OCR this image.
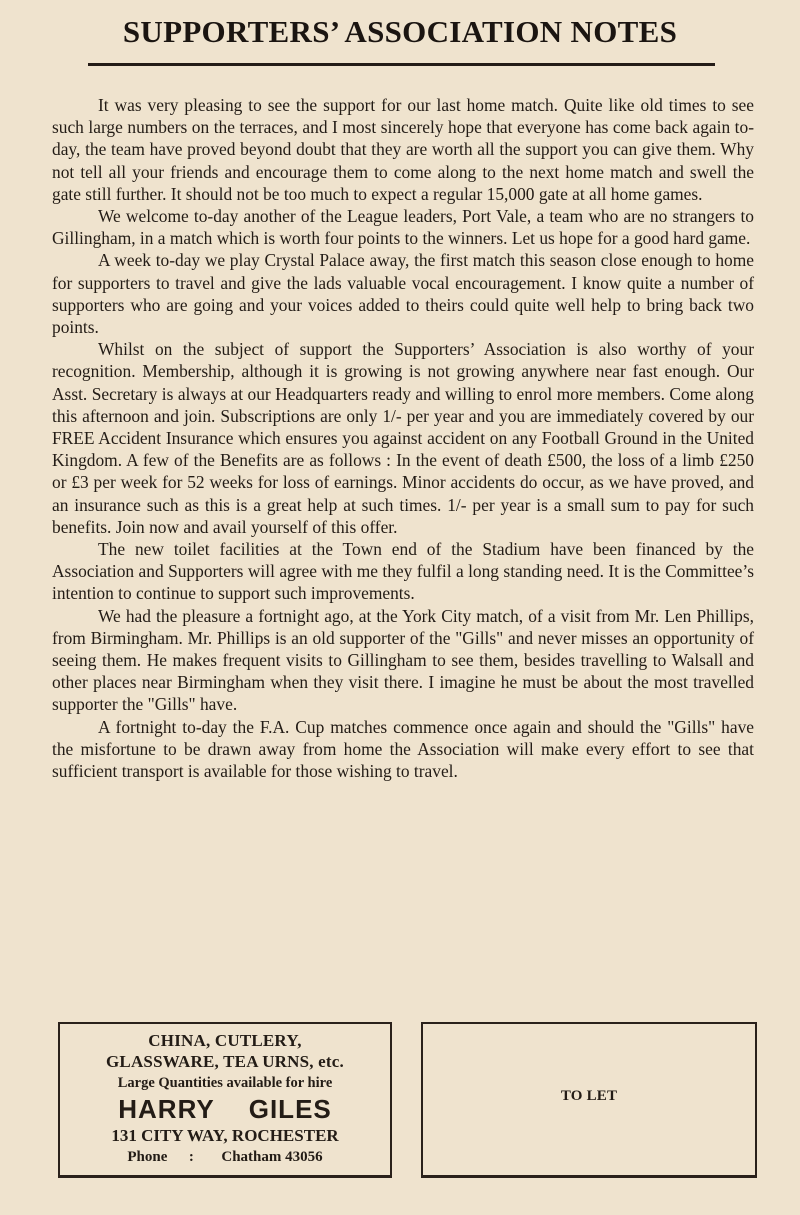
SUPPORTERS’ ASSOCIATION NOTES

It was very pleasing to see the support for our last home match. Quite like old times to see such large numbers on the terraces, and I most sincerely hope that everyone has come back again to-day, the team have proved beyond doubt that they are worth all the support you can give them. Why not tell all your friends and encourage them to come along to the next home match and swell the gate still further. It should not be too much to expect a regular 15,000 gate at all home games.

We welcome to-day another of the League leaders, Port Vale, a team who are no strangers to Gillingham, in a match which is worth four points to the winners. Let us hope for a good hard game.

A week to-day we play Crystal Palace away, the first match this season close enough to home for supporters to travel and give the lads valuable vocal encouragement. I know quite a number of supporters who are going and your voices added to theirs could quite well help to bring back two points.

Whilst on the subject of support the Supporters’ Association is also worthy of your recognition. Membership, although it is growing is not growing anywhere near fast enough. Our Asst. Secretary is always at our Headquarters ready and willing to enrol more members. Come along this afternoon and join. Subscriptions are only 1/- per year and you are immediately covered by our FREE Accident Insurance which ensures you against accident on any Football Ground in the United Kingdom. A few of the Benefits are as follows : In the event of death £500, the loss of a limb £250 or £3 per week for 52 weeks for loss of earnings. Minor accidents do occur, as we have proved, and an insurance such as this is a great help at such times. 1/- per year is a small sum to pay for such benefits. Join now and avail yourself of this offer.

The new toilet facilities at the Town end of the Stadium have been financed by the Association and Supporters will agree with me they fulfil a long standing need. It is the Committee’s intention to continue to support such improvements.

We had the pleasure a fortnight ago, at the York City match, of a visit from Mr. Len Phillips, from Birmingham. Mr. Phillips is an old supporter of the "Gills" and never misses an opportunity of seeing them. He makes frequent visits to Gillingham to see them, besides travelling to Walsall and other places near Birmingham when they visit there. I imagine he must be about the most travelled supporter the "Gills" have.

A fortnight to-day the F.A. Cup matches commence once again and should the "Gills" have the misfortune to be drawn away from home the Association will make every effort to see that sufficient transport is available for those wishing to travel.

CHINA, CUTLERY,
GLASSWARE, TEA URNS, etc.
Large Quantities available for hire
HARRY GILES
131 CITY WAY, ROCHESTER
Phone : Chatham 43056
TO LET
